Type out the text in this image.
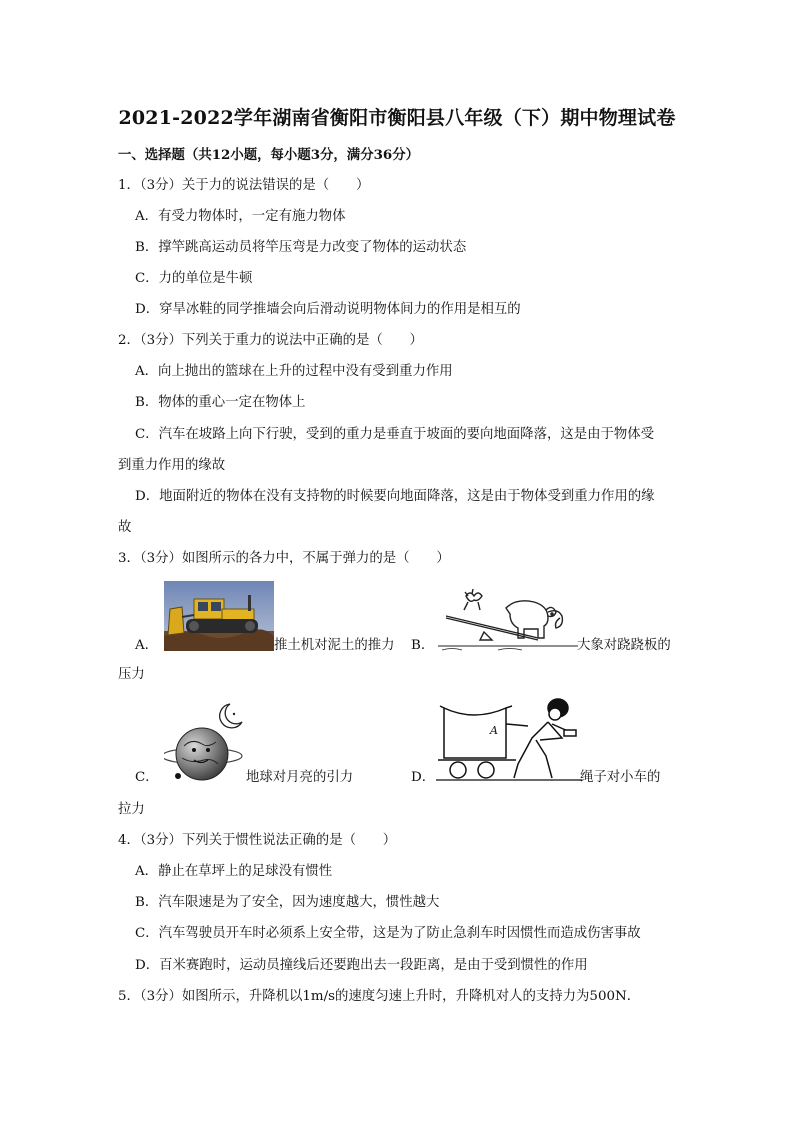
2021-2022学年湖南省衡阳市衡阳县八年级（下）期中物理试卷
一、选择题（共12小题，每小题3分，满分36分）
1．（3分）关于力的说法错误的是（　　）
A．有受力物体时，一定有施力物体
B．撑竿跳高运动员将竿压弯是力改变了物体的运动状态
C．力的单位是牛顿
D．穿旱冰鞋的同学推墙会向后滑动说明物体间力的作用是相互的
2．（3分）下列关于重力的说法中正确的是（　　）
A．向上抛出的篮球在上升的过程中没有受到重力作用
B．物体的重心一定在物体上
C．汽车在坡路上向下行驶，受到的重力是垂直于坡面的要向地面降落，这是由于物体受
到重力作用的缘故
D．地面附近的物体在没有支持物的时候要向地面降落，这是由于物体受到重力作用的缘
故
3．（3分）如图所示的各力中，不属于弹力的是（　　）
A．	推土机对泥土的推力 B．	大象对跷跷板的
压力
C．	地球对月亮的引力	D．
A
绳子对小车的
拉力
4．（3分）下列关于惯性说法正确的是（　　）
A．静止在草坪上的足球没有惯性
B．汽车限速是为了安全，因为速度越大，惯性越大
C．汽车驾驶员开车时必须系上安全带，这是为了防止急刹车时因惯性而造成伤害事故
D．百米赛跑时，运动员撞线后还要跑出去一段距离，是由于受到惯性的作用
5．（3分）如图所示，升降机以1m/s的速度匀速上升时，升降机对人的支持力为500N．
